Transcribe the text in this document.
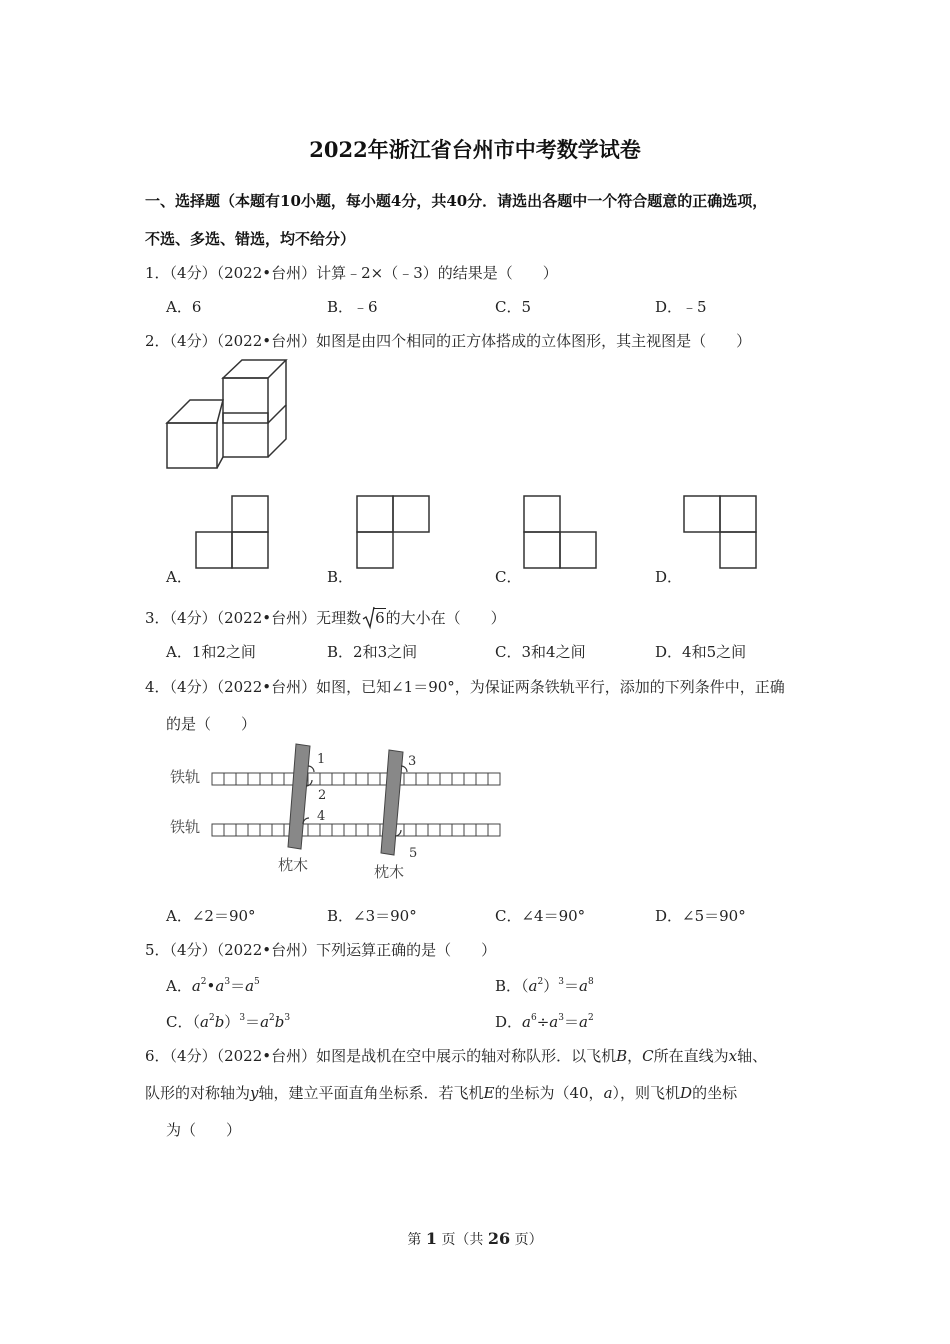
2022年浙江省台州市中考数学试卷
一、选择题（本题有10小题，每小题4分，共40分．请选出各题中一个符合题意的正确选项，
不选、多选、错选，均不给分）
1．（4分）（2022•台州）计算﹣2×（﹣3）的结果是（　　）
A．6	B．﹣6	C．5	D．﹣5
2．（4分）（2022•台州）如图是由四个相同的正方体搭成的立体图形，其主视图是（　　）
A．	B．	C．	D．
3．（4分）（2022•台州）无理数 6的大小在（　　）
A．1和2之间	B．2和3之间	C．3和4之间	D．4和5之间
4．（4分）（2022•台州）如图，已知∠1＝90°，为保证两条铁轨平行，添加的下列条件中，正确
的是（　　）
铁轨
铁轨
枕木	枕木
1
2
3
4
5
A．∠2＝90°	B．∠3＝90°	C．∠4＝90°	D．∠5＝90°
5．（4分）（2022•台州）下列运算正确的是（　　）
A．$a^2•a^3=a^5$	B．$(a^2)^3=a^8$
C．$(a^2b)^3=a^2b^3$	D．$a^6\div a^3=a^2$
6．（4分）（2022•台州）如图是战机在空中展示的轴对称队形．以飞机B，C所在直线为x轴、
队形的对称轴为y轴，建立平面直角坐标系．若飞机E的坐标为（40，a），则飞机D的坐标
为（　　）
第 1 页（共 26 页）
